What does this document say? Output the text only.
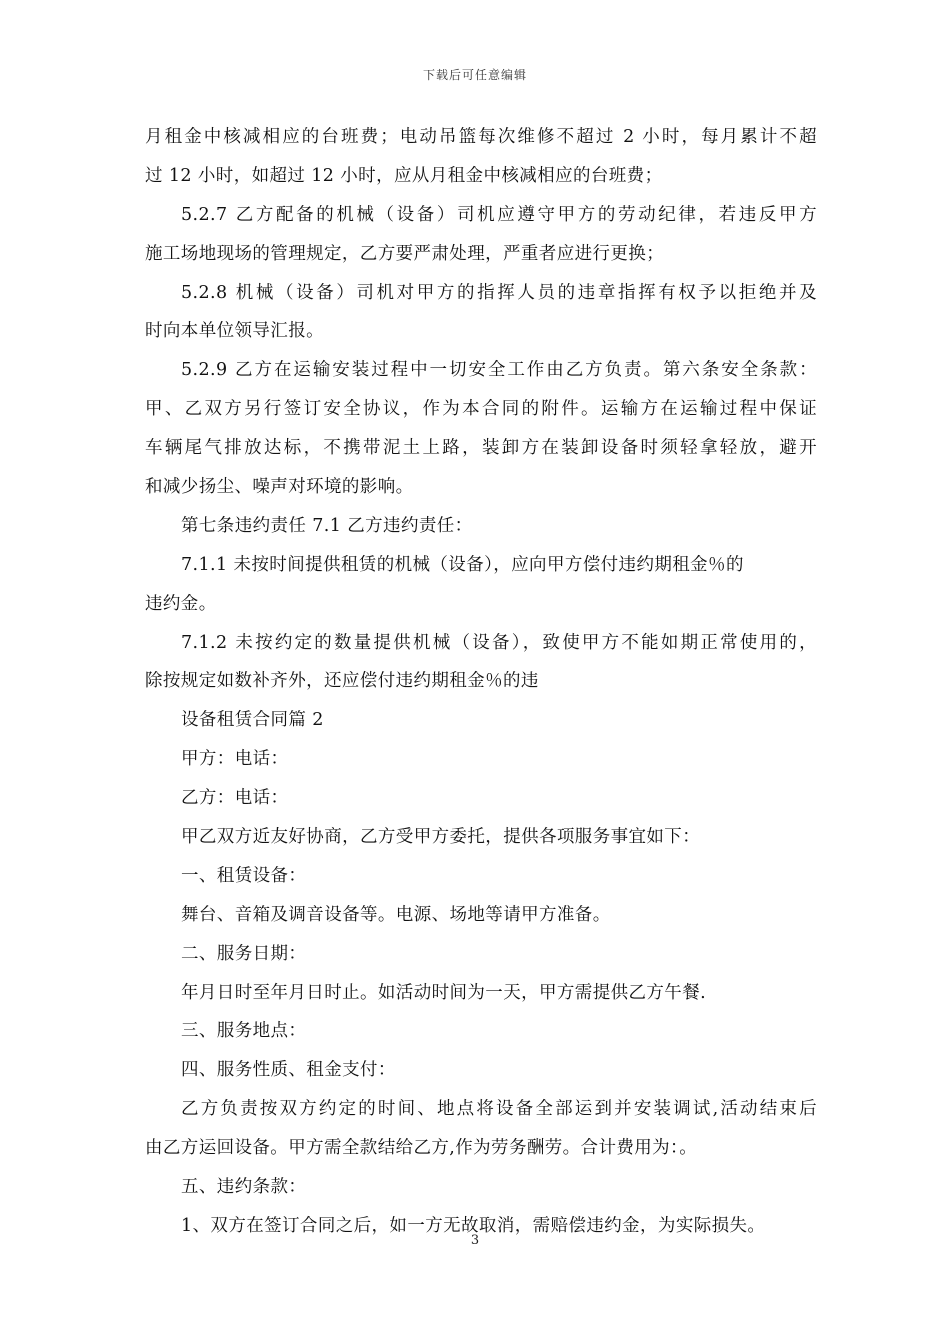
下载后可任意编辑
月租金中核减相应的台班费；电动吊篮每次维修不超过 2 小时，每月累计不超
过 12 小时，如超过 12 小时，应从月租金中核减相应的台班费；
5.2.7 乙方配备的机械（设备）司机应遵守甲方的劳动纪律，若违反甲方
施工场地现场的管理规定，乙方要严肃处理，严重者应进行更换；
5.2.8 机械（设备）司机对甲方的指挥人员的违章指挥有权予以拒绝并及
时向本单位领导汇报。
5.2.9 乙方在运输安装过程中一切安全工作由乙方负责。第六条安全条款：
甲、乙双方另行签订安全协议，作为本合同的附件。运输方在运输过程中保证
车辆尾气排放达标，不携带泥土上路，装卸方在装卸设备时须轻拿轻放，避开
和减少扬尘、噪声对环境的影响。
第七条违约责任 7.1 乙方违约责任：
7.1.1 未按时间提供租赁的机械（设备），应向甲方偿付违约期租金％的
违约金。
7.1.2 未按约定的数量提供机械（设备），致使甲方不能如期正常使用的，
除按规定如数补齐外，还应偿付违约期租金％的违
设备租赁合同篇 2
甲方：电话：
乙方：电话：
甲乙双方近友好协商，乙方受甲方委托，提供各项服务事宜如下：
一、租赁设备：
舞台、音箱及调音设备等。电源、场地等请甲方准备。
二、服务日期：
年月日时至年月日时止。如活动时间为一天，甲方需提供乙方午餐.
三、服务地点：
四、服务性质、租金支付：
乙方负责按双方约定的时间、地点将设备全部运到并安装调试,活动结束后
由乙方运回设备。甲方需全款结给乙方,作为劳务酬劳。合计费用为：。
五、违约条款：
1、双方在签订合同之后，如一方无故取消，需赔偿违约金，为实际损失。
3
